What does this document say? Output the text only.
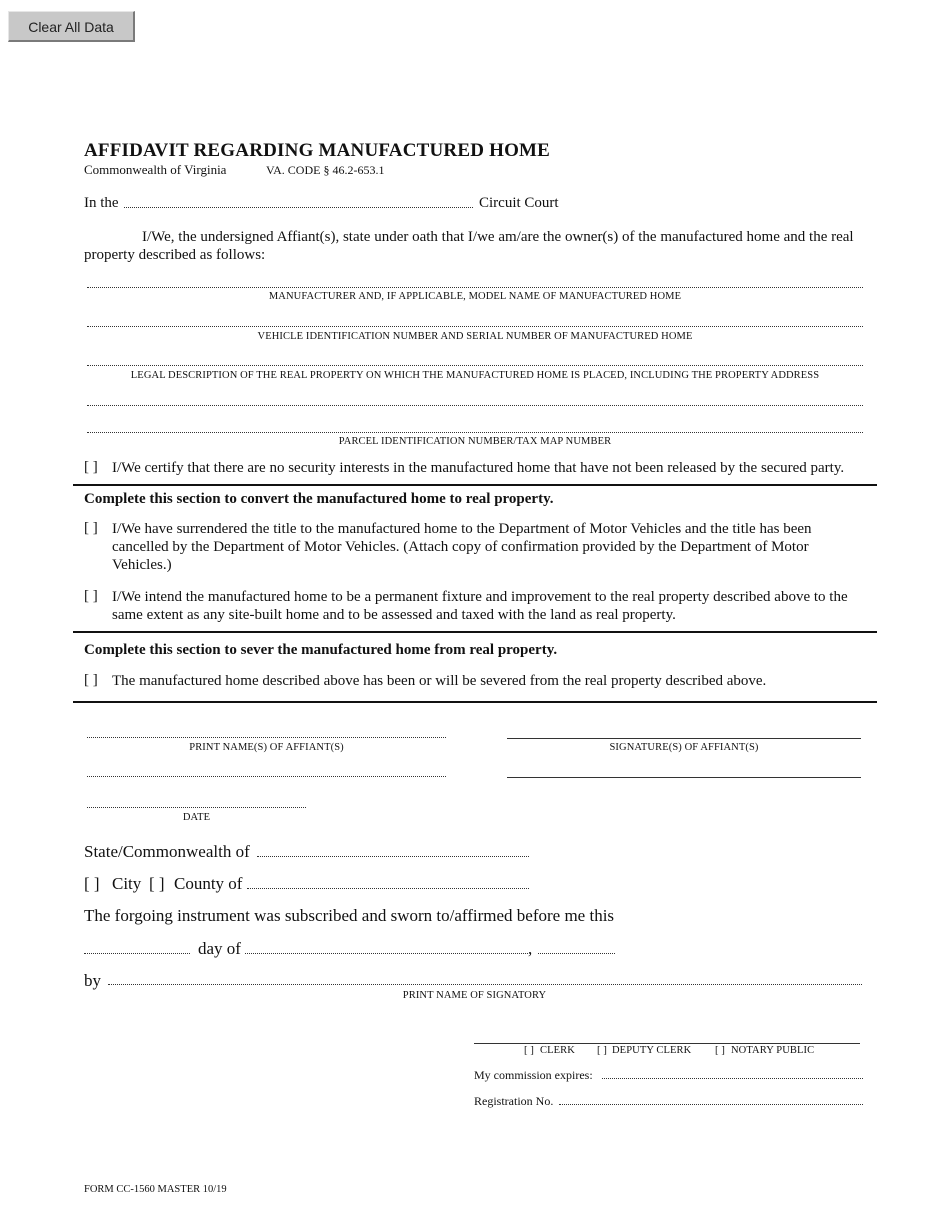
Clear All Data
AFFIDAVIT REGARDING MANUFACTURED HOME
Commonwealth of Virginia	VA. CODE § 46.2-653.1
In the	Circuit Court
I/We, the undersigned Affiant(s), state under oath that I/we am/are the owner(s) of the manufactured home and the real property described as follows:
MANUFACTURER AND, IF APPLICABLE, MODEL NAME OF MANUFACTURED HOME
VEHICLE IDENTIFICATION NUMBER AND SERIAL NUMBER OF MANUFACTURED HOME
LEGAL DESCRIPTION OF THE REAL PROPERTY ON WHICH THE MANUFACTURED HOME IS PLACED, INCLUDING THE PROPERTY ADDRESS
PARCEL IDENTIFICATION NUMBER/TAX MAP NUMBER
[ ] I/We certify that there are no security interests in the manufactured home that have not been released by the secured party.
Complete this section to convert the manufactured home to real property.
[ ] I/We have surrendered the title to the manufactured home to the Department of Motor Vehicles and the title has been cancelled by the Department of Motor Vehicles. (Attach copy of confirmation provided by the Department of Motor Vehicles.)
[ ] I/We intend the manufactured home to be a permanent fixture and improvement to the real property described above to the same extent as any site-built home and to be assessed and taxed with the land as real property.
Complete this section to sever the manufactured home from real property.
[ ] The manufactured home described above has been or will be severed from the real property described above.
PRINT NAME(S) OF AFFIANT(S)	SIGNATURE(S) OF AFFIANT(S)
DATE
State/Commonwealth of
[ ] City [ ] County of
The forgoing instrument was subscribed and sworn to/affirmed before me this
day of	,
by
PRINT NAME OF SIGNATORY
[ ] CLERK [ ] DEPUTY CLERK [ ] NOTARY PUBLIC
My commission expires:
Registration No.
FORM CC-1560 MASTER 10/19
